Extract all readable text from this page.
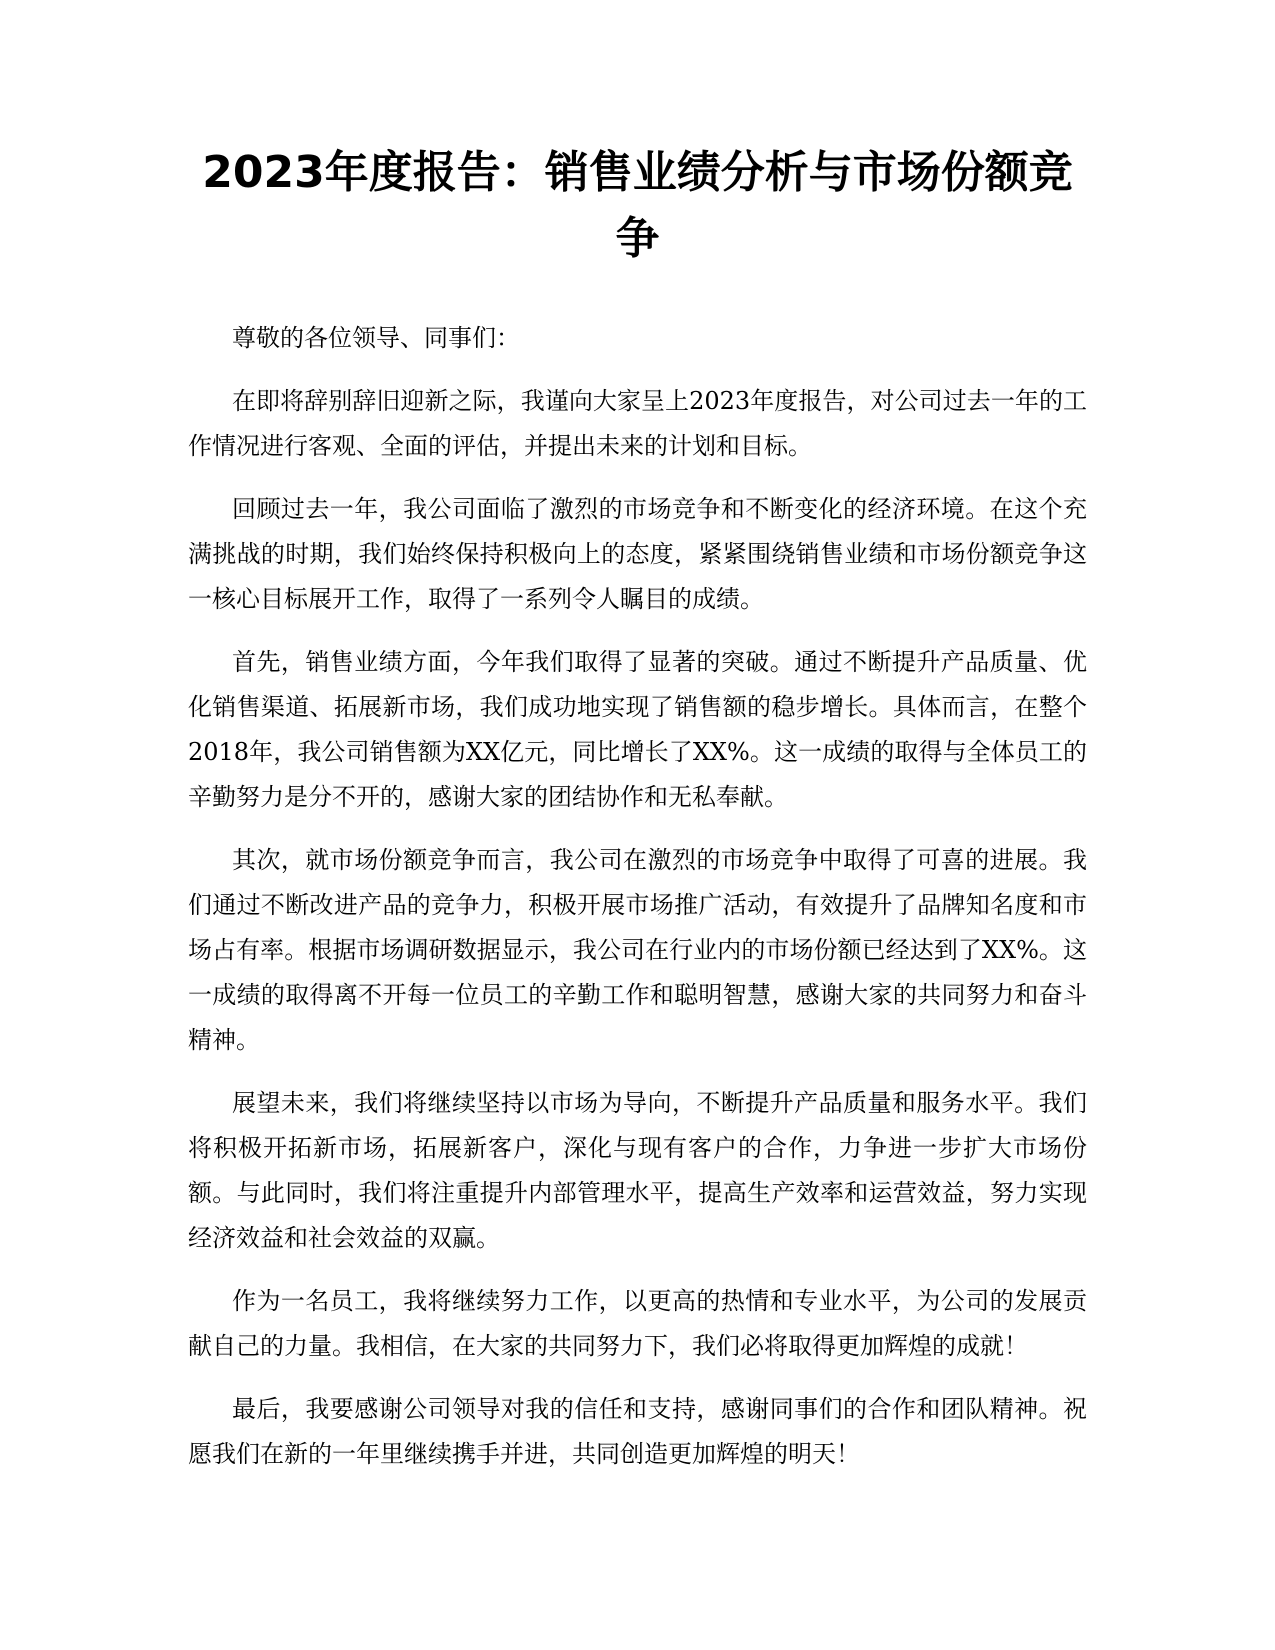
2023年度报告：销售业绩分析与市场份额竞争

尊敬的各位领导、同事们：

在即将辞别辞旧迎新之际，我谨向大家呈上2023年度报告，对公司过去一年的工作情况进行客观、全面的评估，并提出未来的计划和目标。

回顾过去一年，我公司面临了激烈的市场竞争和不断变化的经济环境。在这个充满挑战的时期，我们始终保持积极向上的态度，紧紧围绕销售业绩和市场份额竞争这一核心目标展开工作，取得了一系列令人瞩目的成绩。

首先，销售业绩方面，今年我们取得了显著的突破。通过不断提升产品质量、优化销售渠道、拓展新市场，我们成功地实现了销售额的稳步增长。具体而言，在整个2018年，我公司销售额为XX亿元，同比增长了XX%。这一成绩的取得与全体员工的辛勤努力是分不开的，感谢大家的团结协作和无私奉献。

其次，就市场份额竞争而言，我公司在激烈的市场竞争中取得了可喜的进展。我们通过不断改进产品的竞争力，积极开展市场推广活动，有效提升了品牌知名度和市场占有率。根据市场调研数据显示，我公司在行业内的市场份额已经达到了XX%。这一成绩的取得离不开每一位员工的辛勤工作和聪明智慧，感谢大家的共同努力和奋斗精神。

展望未来，我们将继续坚持以市场为导向，不断提升产品质量和服务水平。我们将积极开拓新市场，拓展新客户，深化与现有客户的合作，力争进一步扩大市场份额。与此同时，我们将注重提升内部管理水平，提高生产效率和运营效益，努力实现经济效益和社会效益的双赢。

作为一名员工，我将继续努力工作，以更高的热情和专业水平，为公司的发展贡献自己的力量。我相信，在大家的共同努力下，我们必将取得更加辉煌的成就！

最后，我要感谢公司领导对我的信任和支持，感谢同事们的合作和团队精神。祝愿我们在新的一年里继续携手并进，共同创造更加辉煌的明天！
